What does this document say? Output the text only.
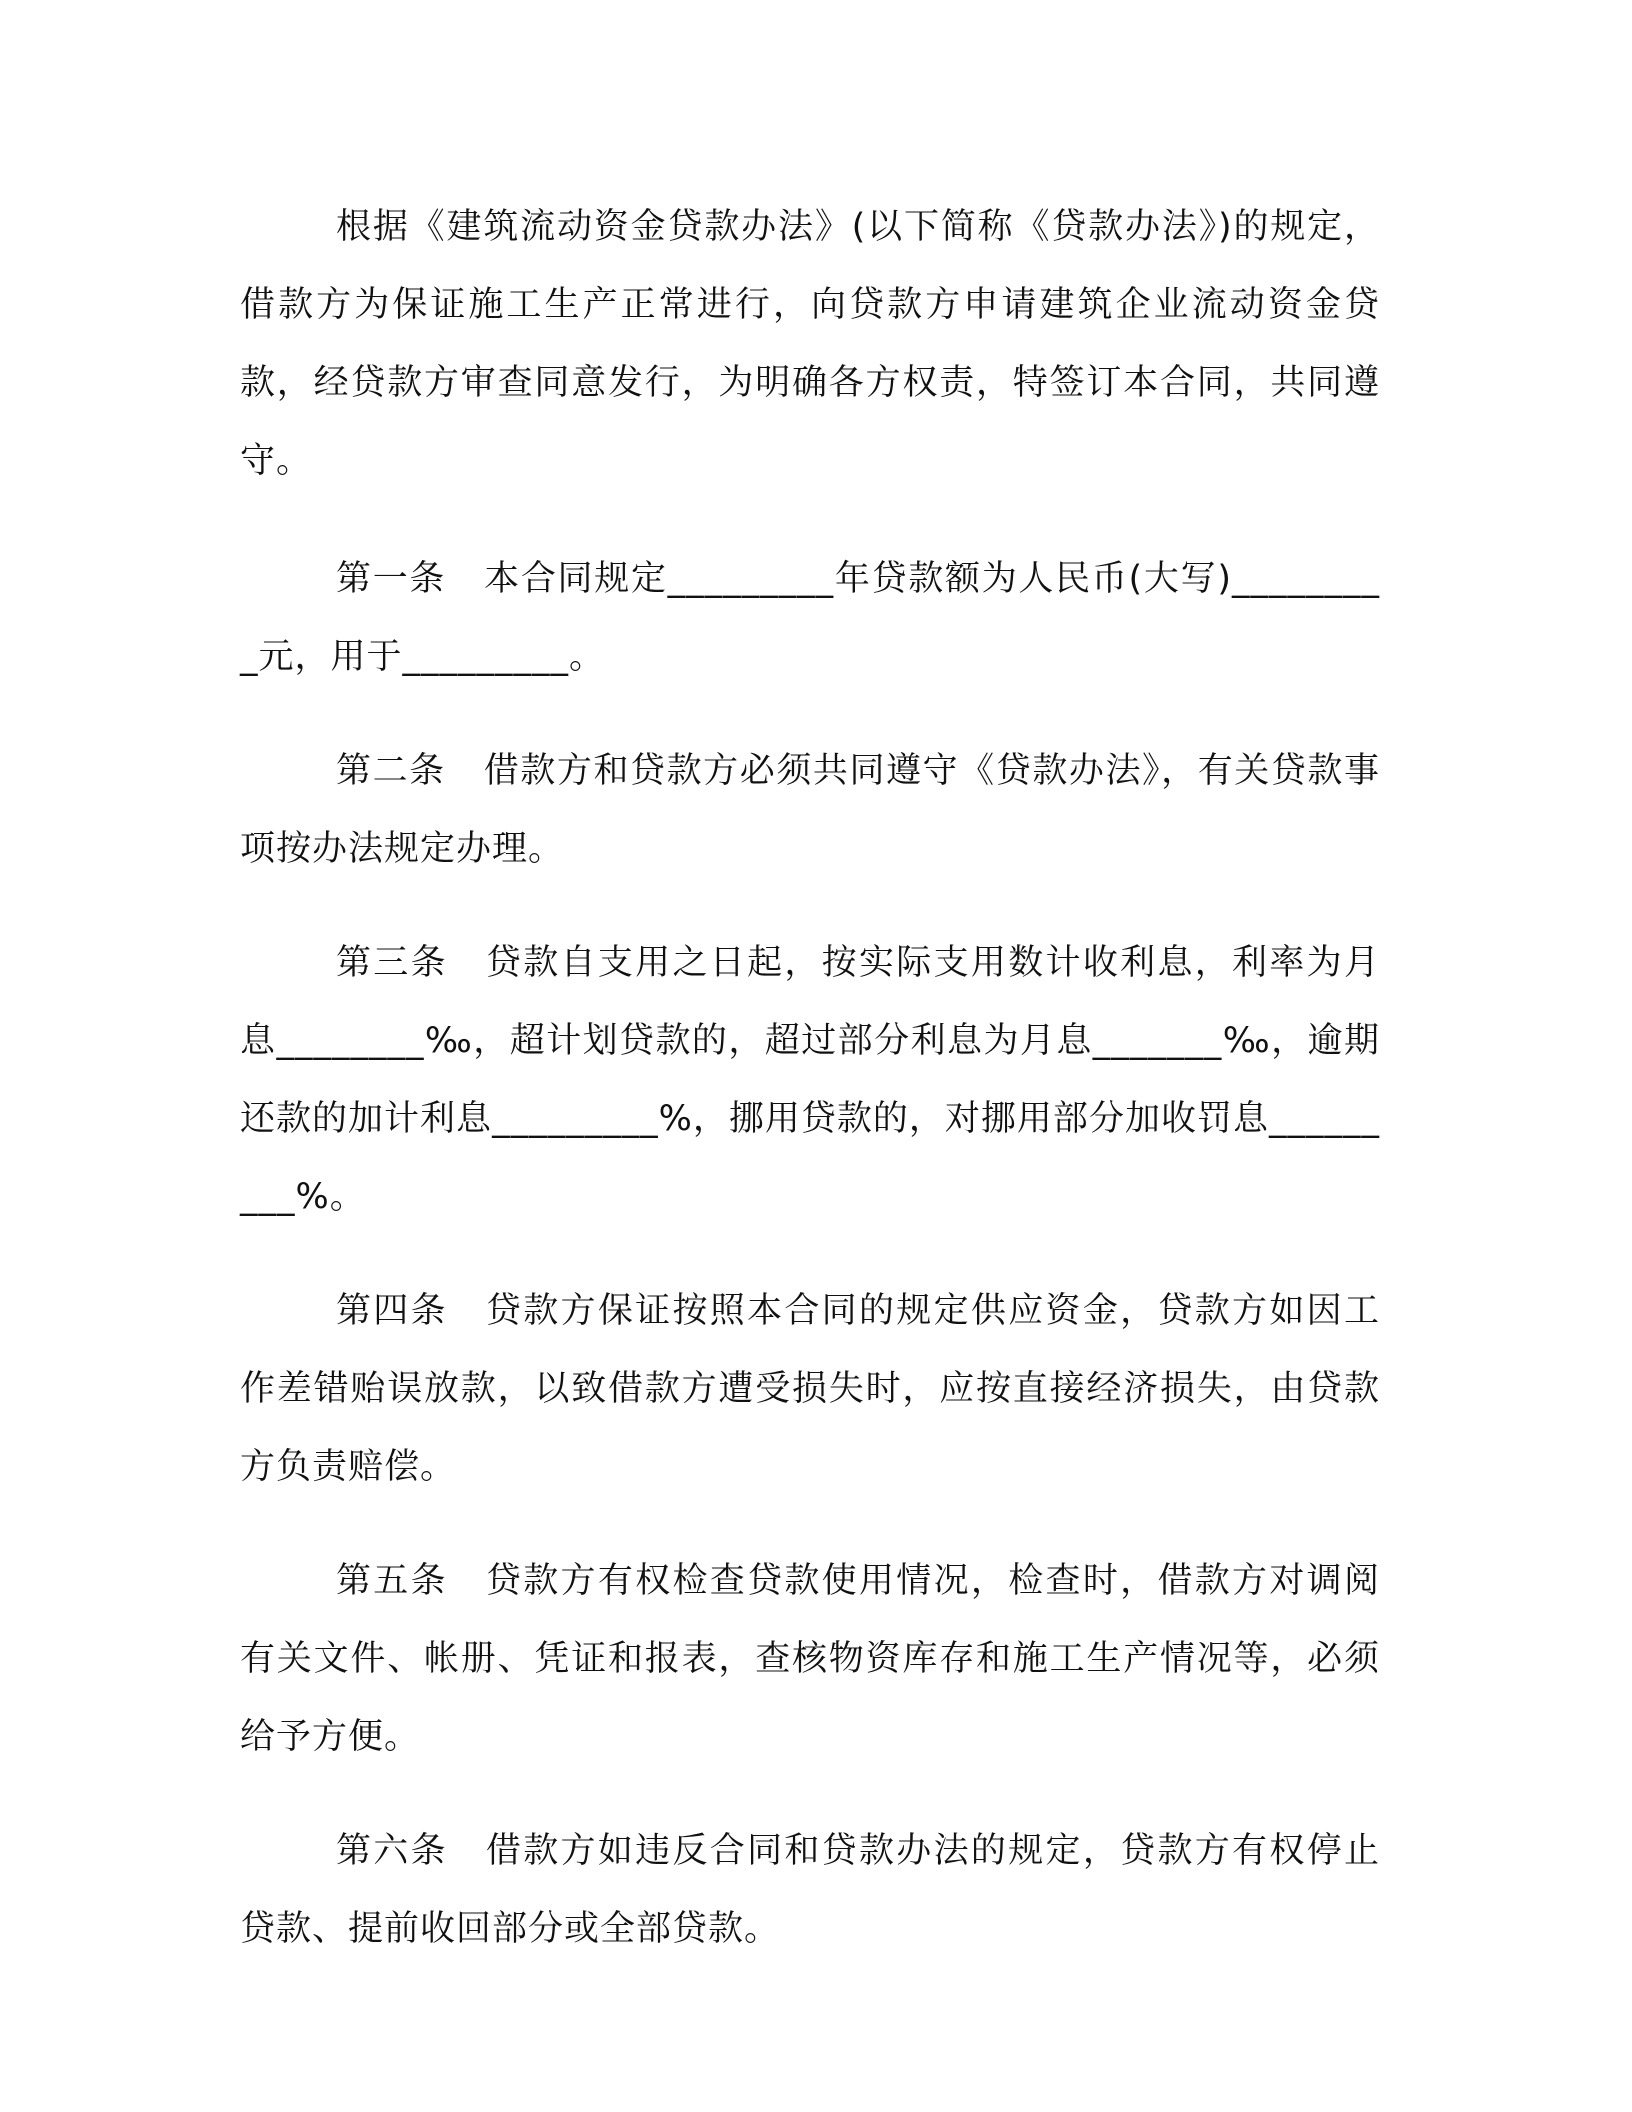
根据《建筑流动资金贷款办法》(以下简称《贷款办法》)的规定，借款方为保证施工生产正常进行，向贷款方申请建筑企业流动资金贷款，经贷款方审查同意发行，为明确各方权责，特签订本合同，共同遵守。

第一条 本合同规定_________年贷款额为人民币(大写)_________元，用于_________。

第二条 借款方和贷款方必须共同遵守《贷款办法》，有关贷款事项按办法规定办理。

第三条 贷款自支用之日起，按实际支用数计收利息，利率为月息________‰，超计划贷款的，超过部分利息为月息_______‰，逾期还款的加计利息_________%，挪用贷款的，对挪用部分加收罚息_________%。

第四条 贷款方保证按照本合同的规定供应资金，贷款方如因工作差错贻误放款，以致借款方遭受损失时，应按直接经济损失，由贷款方负责赔偿。

第五条 贷款方有权检查贷款使用情况，检查时，借款方对调阅有关文件、帐册、凭证和报表，查核物资库存和施工生产情况等，必须给予方便。

第六条 借款方如违反合同和贷款办法的规定，贷款方有权停止贷款、提前收回部分或全部贷款。
